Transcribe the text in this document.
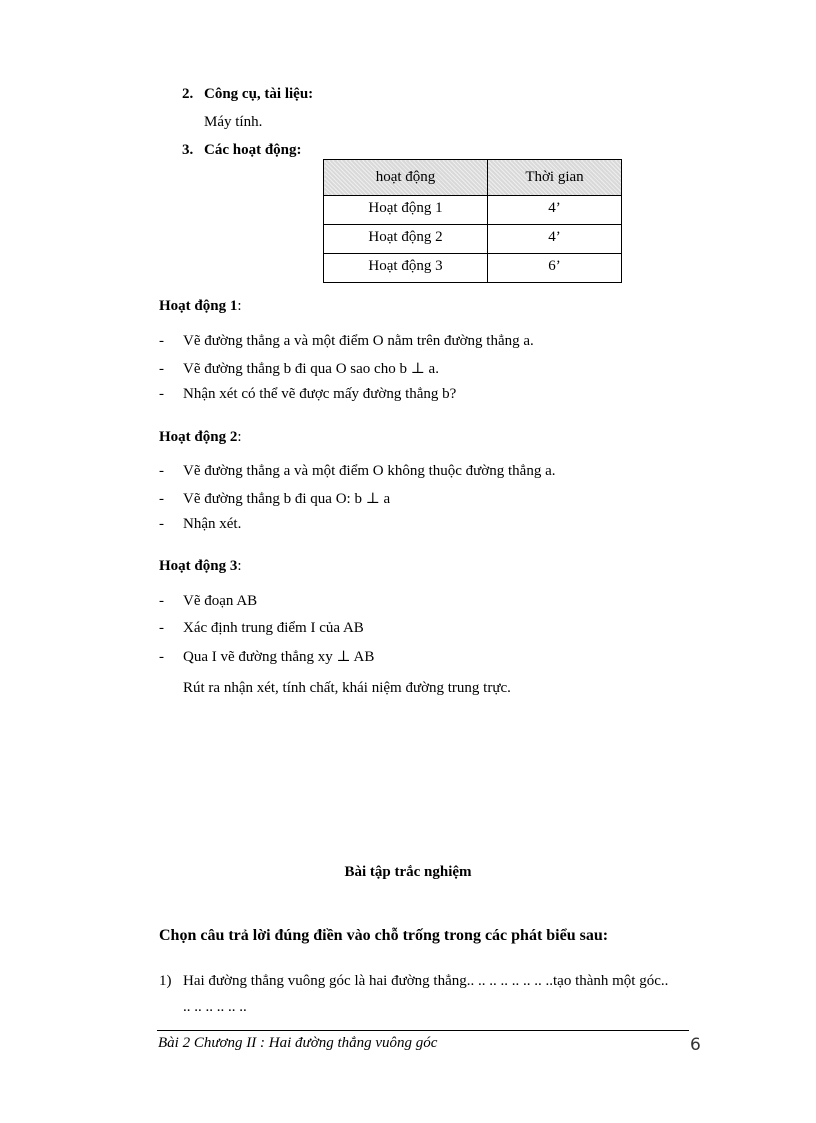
2. Công cụ, tài liệu:
Máy tính.
3. Các hoạt động:
hoạt động	Thời gian
Hoạt động 1	4’
Hoạt động 2	4’
Hoạt động 3	6’
Hoạt động 1:
- Vẽ đường thẳng a và một điểm O nằm trên đường thẳng a.
- Vẽ đường thẳng b đi qua O sao cho b ⊥ a.
- Nhận xét có thể vẽ được mấy đường thẳng b?
Hoạt động 2:
- Vẽ đường thẳng a và một điểm O không thuộc đường thẳng a.
- Vẽ đường thẳng b đi qua O: b ⊥ a
- Nhận xét.
Hoạt động 3:
- Vẽ đoạn AB
- Xác định trung điểm I của AB
- Qua I vẽ đường thẳng xy ⊥ AB
Rút ra nhận xét, tính chất, khái niệm đường trung trực.
Bài tập trắc nghiệm
Chọn câu trả lời đúng điền vào chỗ trống trong các phát biểu sau:
1) Hai đường thẳng vuông góc là hai đường thẳng.. .. .. .. .. .. .. ..tạo thành một góc..
.. .. .. .. .. ..
Bài 2 Chương II : Hai đường thẳng vuông góc	6
